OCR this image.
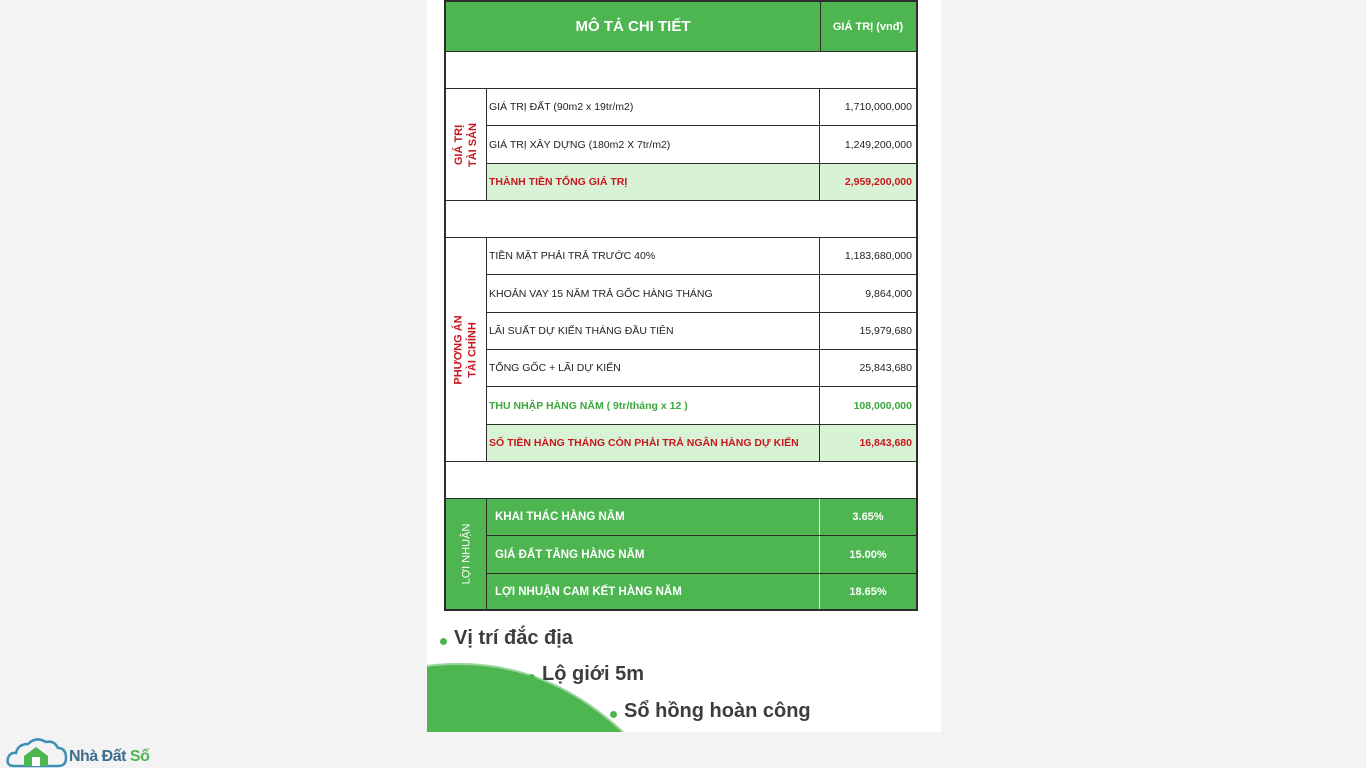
MÔ TẢ CHI TIẾT	GIÁ TRỊ (vnđ)
GIÁ TRỊ TÀI SẢN
GIÁ TRỊ ĐẤT (90m2 x 19tr/m2)	1,710,000,000
GIÁ TRỊ XÂY DỰNG (180m2 X 7tr/m2)	1,249,200,000
THÀNH TIỀN TỔNG GIÁ TRỊ	2,959,200,000
PHƯƠNG ÁN TÀI CHÍNH
TIỀN MẶT PHẢI TRẢ TRƯỚC 40%	1,183,680,000
KHOẢN VAY 15 NĂM TRẢ GỐC HÀNG THÁNG	9,864,000
LÃI SUẤT DỰ KIẾN THÁNG ĐẦU TIÊN	15,979,680
TỔNG GỐC + LÃI DỰ KIẾN	25,843,680
THU NHẬP HÀNG NĂM ( 9tr/tháng x 12 )	108,000,000
SỐ TIỀN HÀNG THÁNG CÒN PHẢI TRẢ NGÂN HÀNG DỰ KIẾN	16,843,680
LỢI NHUẬN
KHAI THÁC HÀNG NĂM	3.65%
GIÁ ĐẤT TĂNG HÀNG NĂM	15.00%
LỢI NHUẬN CAM KẾT HÀNG NĂM	18.65%
Vị trí đắc địa
Lộ giới 5m
Sổ hồng hoàn công
Nhà Đất Số
